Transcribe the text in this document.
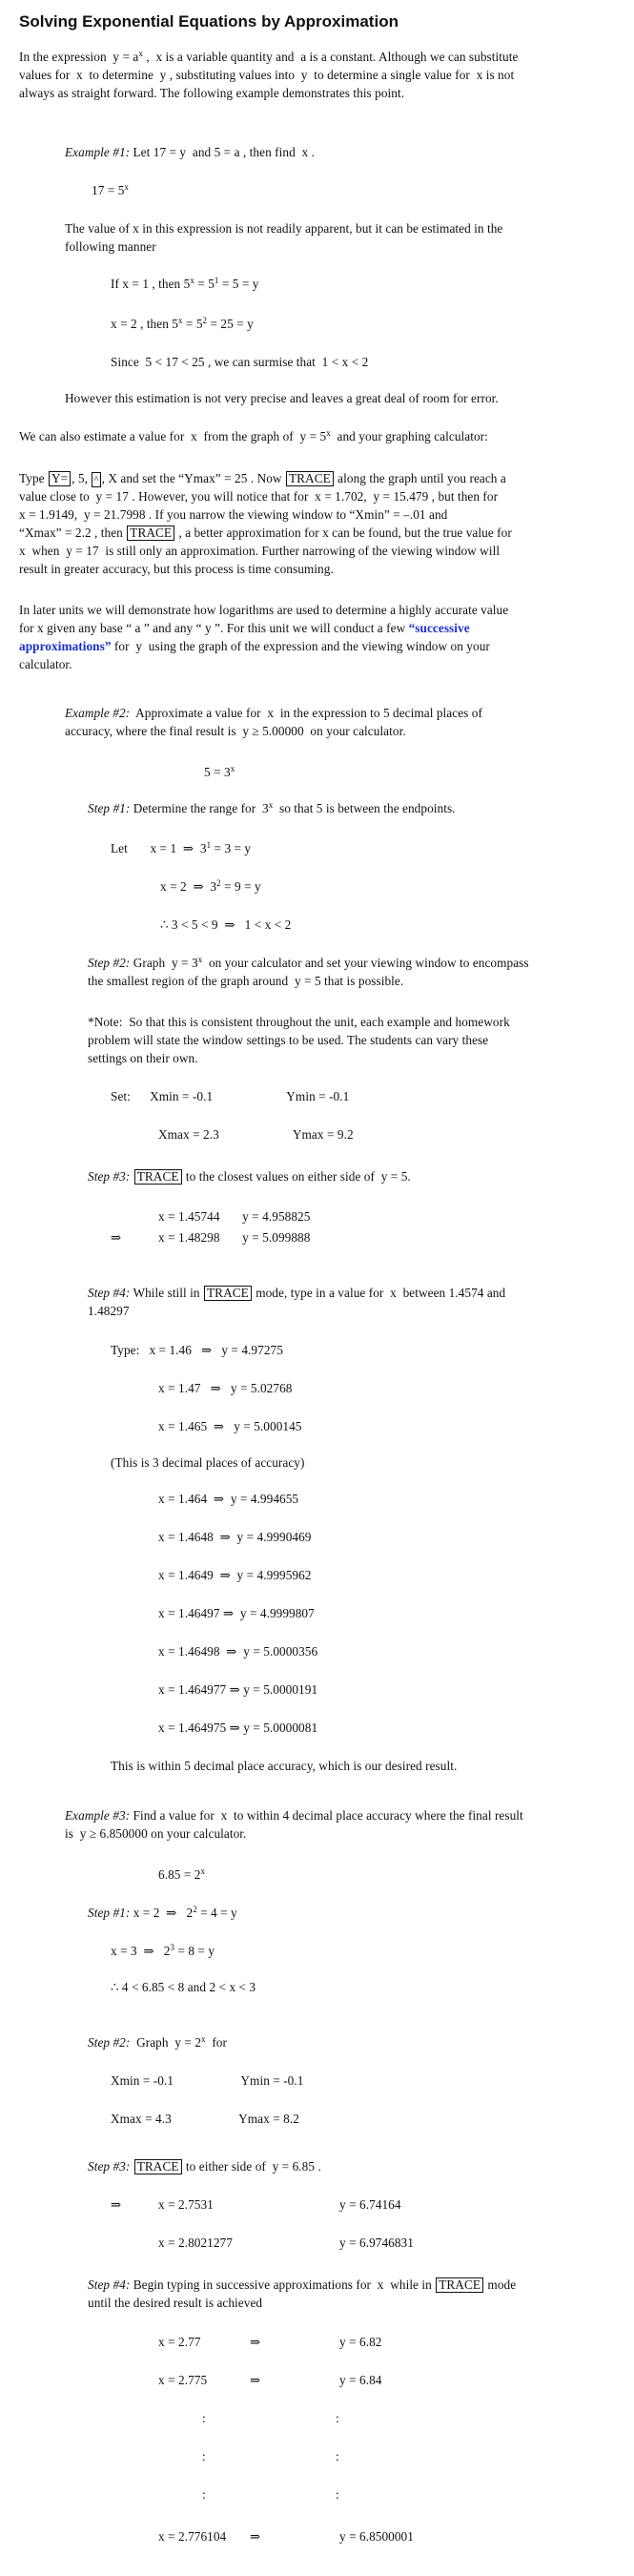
Solving Exponential Equations by Approximation
In the expression  $y = a^x$ ,  x is a variable quantity and  a is a constant. Although we can substitute
values for  x  to determine  y , substituting values into  y  to determine a single value for  x is not
always as straight forward. The following example demonstrates this point.
Example #1: Let 17 = y  and 5 = a , then find  x .
$17 = 5^x$
The value of x in this expression is not readily apparent, but it can be estimated in the
following manner
If x = 1 , then $5^x = 5^1 = 5 = y$
x = 2 , then $5^x = 5^2 = 25 = y$
Since  5 < 17 < 25 , we can surmise that  1 < x < 2
However this estimation is not very precise and leaves a great deal of room for error.
We can also estimate a value for  x  from the graph of  $y = 5^x$  and your graphing calculator:
Type Y= , 5, ^ , X and set the “Ymax” = 25 . Now TRACE along the graph until you reach a
value close to  y = 17 . However, you will notice that for  x = 1.702,  y = 15.479 , but then for
x = 1.9149,  y = 21.7998 . If you narrow the viewing window to “Xmin” = –.01 and
“Xmax” = 2.2 , then TRACE , a better approximation for x can be found, but the true value for
x  when  y = 17  is still only an approximation. Further narrowing of the viewing window will
result in greater accuracy, but this process is time consuming.
In later units we will demonstrate how logarithms are used to determine a highly accurate value
for x given any base “ a ” and any “ y ”. For this unit we will conduct a few “successive
approximations” for  y  using the graph of the expression and the viewing window on your
calculator.
Example #2:  Approximate a value for  x  in the expression to 5 decimal places of
accuracy, where the final result is  y ≥ 5.00000  on your calculator.
$5 = 3^x$
Step #1: Determine the range for  3$^x$  so that 5 is between the endpoints.
Let       x = 1  ⇒  $3^1 = 3 = y$
x = 2  ⇒  $3^2 = 9 = y$
∴ 3 < 5 < 9  ⇒   1 < x < 2
Step #2: Graph  $y = 3^x$  on your calculator and set your viewing window to encompass
the smallest region of the graph around  y = 5 that is possible.
*Note:  So that this is consistent throughout the unit, each example and homework
problem will state the window settings to be used. The students can vary these
settings on their own.
Set:      Xmin = -0.1                       Ymin = -0.1
Xmax = 2.3                       Ymax = 9.2
Step #3: TRACE to the closest values on either side of  y = 5.
x = 1.45744       y = 4.958825
⇒	x = 1.48298       y = 5.099888
Step #4: While still in TRACE mode, type in a value for  x  between 1.4574 and
1.48297
Type:   x = 1.46   ⇒   y = 4.97275
x = 1.47   ⇒   y = 5.02768
x = 1.465  ⇒   y = 5.000145
(This is 3 decimal places of accuracy)
x = 1.464  ⇒  y = 4.994655
x = 1.4648  ⇒  y = 4.9990469
x = 1.4649  ⇒  y = 4.9995962
x = 1.46497 ⇒  y = 4.9999807
x = 1.46498  ⇒  y = 5.0000356
x = 1.464977 ⇒ y = 5.0000191
x = 1.464975 ⇒ y = 5.0000081
This is within 5 decimal place accuracy, which is our desired result.
Example #3: Find a value for  x  to within 4 decimal place accuracy where the final result
is  y ≥ 6.850000 on your calculator.
$6.85 = 2^x$
Step #1: x = 2  ⇒   $2^2 = 4 = y$
x = 3  ⇒   $2^3 = 8 = y$
∴ 4 < 6.85 < 8 and 2 < x < 3
Step #2:  Graph  $y = 2^x$  for
Xmin = -0.1                     Ymin = -0.1
Xmax = 4.3                     Ymax = 8.2
Step #3: TRACE to either side of  y = 6.85 .
⇒	x = 2.7531	y = 6.74164
x = 2.8021277	y = 6.9746831
Step #4: Begin typing in successive approximations for  x  while in TRACE mode
until the desired result is achieved
x = 2.77	⇒	y = 6.82
x = 2.775	⇒	y = 6.84
:	:
:	:
:	:
x = 2.776104 ⇒	y = 6.8500001
